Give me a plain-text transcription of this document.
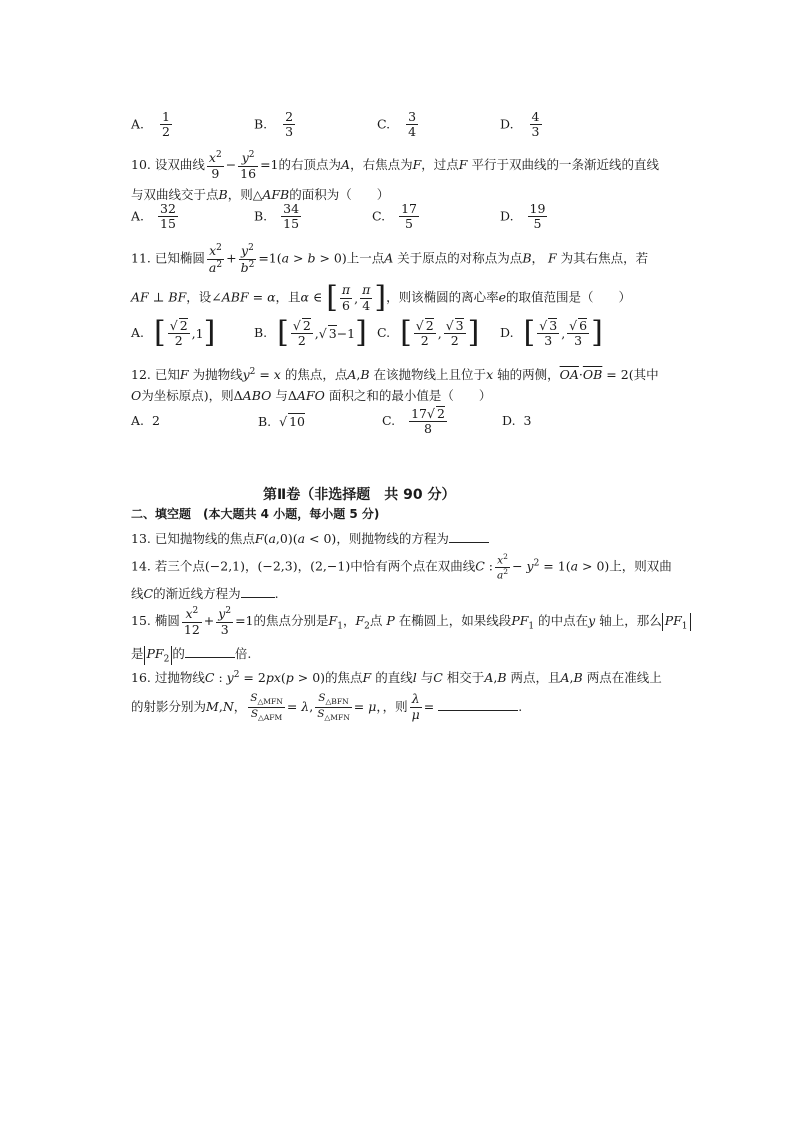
A. $\frac{1}{2}$	B. $\frac{2}{3}$	C. $\frac{3}{4}$	D. $\frac{4}{3}$
10. 设双曲线 $\frac{x^2}{9} - \frac{y^2}{16} =1$的右顶点为A，右焦点为F，过点F 平行于双曲线的一条渐近线的直线
与双曲线交于点B，则△AFB的面积为（　　）
A. $\frac{32}{15}$	B. $\frac{34}{15}$	C. $\frac{17}{5}$	D. $\frac{19}{5}$
11. 已知椭圆 $\frac{x^2}{a^2} + \frac{y^2}{b^2} =1(a > b > 0)$上一点A 关于原点的对称点为点B， F 为其右焦点，若
AF ⊥ BF，设∠ABF = α，且α ∈ [ $\frac{\pi}{6}$ , $\frac{\pi}{4}$ ] ，则该椭圆的离心率e的取值范围是（　　）
A. [ $\frac{√ 2}{2} ,1$ ]	B. [ $\frac{√ 2}{2}$ ,√ 3 −1 ] C. [ $\frac{√ 2}{2}$ , $\frac{√ 3}{2}$ ] D. [ $\frac{√ 3}{3}$ , $\frac{√ 6}{3}$ ]
12. 已知F 为抛物线$y^2 = x$ 的焦点，点A,B 在该抛物线上且位于x 轴的两侧，$\overline{OA}\cdot\overline{OB} = 2$(其中
O为坐标原点)，则ΔABO 与ΔAFO 面积之和的最小值是（　　）
A. 2	B.  √ 10	C. $\frac{17√ 2}{8}$	D. 3
第Ⅱ卷（非选择题　共 90 分）
二、填空题　(本大题共 4 小题，每小题 5 分)
13. 已知抛物线的焦点F(a,0)(a < 0)，则抛物线的方程为
14. 若三个点(−2,1)，(−2,3)，(2,−1)中恰有两个点在双曲线C : $\frac{x^2}{a^2} - y^2 = 1(a > 0)$上，则双曲
线C的渐近线方程为	.
15. 椭圆 $\frac{x^2}{12} + \frac{y^2}{3} =1$的焦点分别是$F_1$，$F_2$点 P 在椭圆上，如果线段$PF_1$ 的中点在y 轴上，那么 $PF_1$
是 $PF_2$ 的	倍.
16. 过抛物线C : $y^2 = 2px(p > 0)$的焦点F 的直线l 与C 相交于A,B 两点，且A,B 两点在准线上
的射影分别为M,N， $\frac{S_{\triangle MFN}}{S_{\triangle AFM}} = \lambda$, $\frac{S_{\triangle BFN}}{S_{\triangle MFN}} = \mu$，，则 $\frac{\lambda}{\mu}$ =	.
